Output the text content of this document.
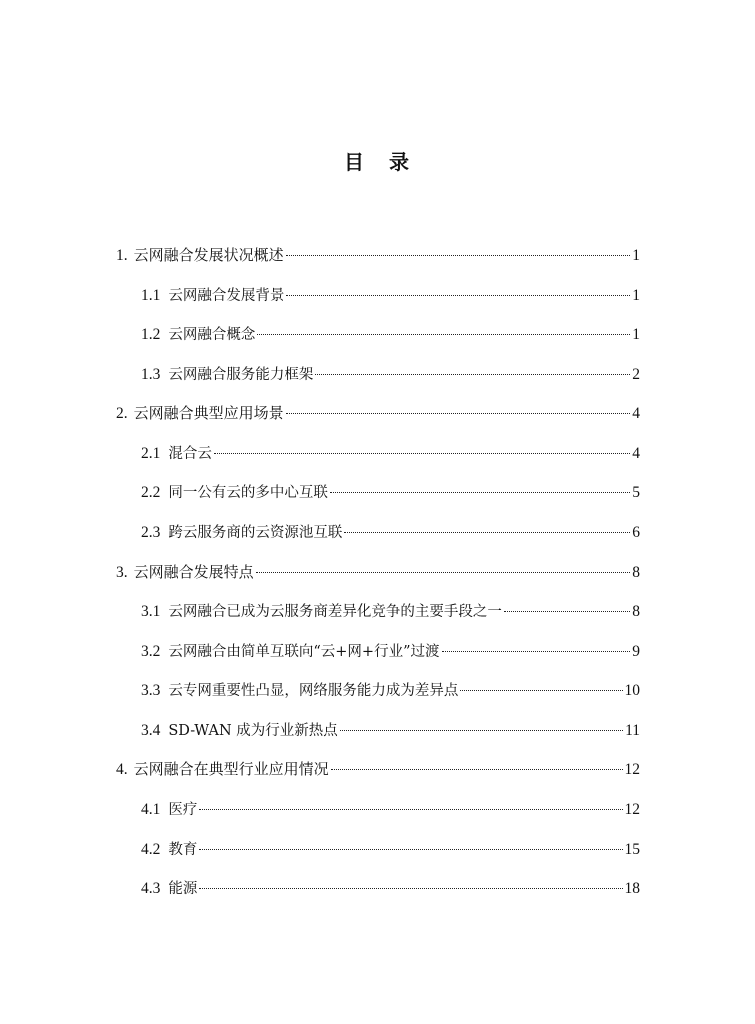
目 录
1. 云网融合发展状况概述	1
1.1 云网融合发展背景	1
1.2 云网融合概念	1
1.3 云网融合服务能力框架	2
2. 云网融合典型应用场景	4
2.1 混合云	4
2.2 同一公有云的多中心互联	5
2.3 跨云服务商的云资源池互联	6
3. 云网融合发展特点	8
3.1 云网融合已成为云服务商差异化竞争的主要手段之一	8
3.2 云网融合由简单互联向“云+网+行业”过渡	9
3.3 云专网重要性凸显，网络服务能力成为差异点	10
3.4 SD-WAN 成为行业新热点	11
4. 云网融合在典型行业应用情况	12
4.1 医疗	12
4.2 教育	15
4.3 能源	18
